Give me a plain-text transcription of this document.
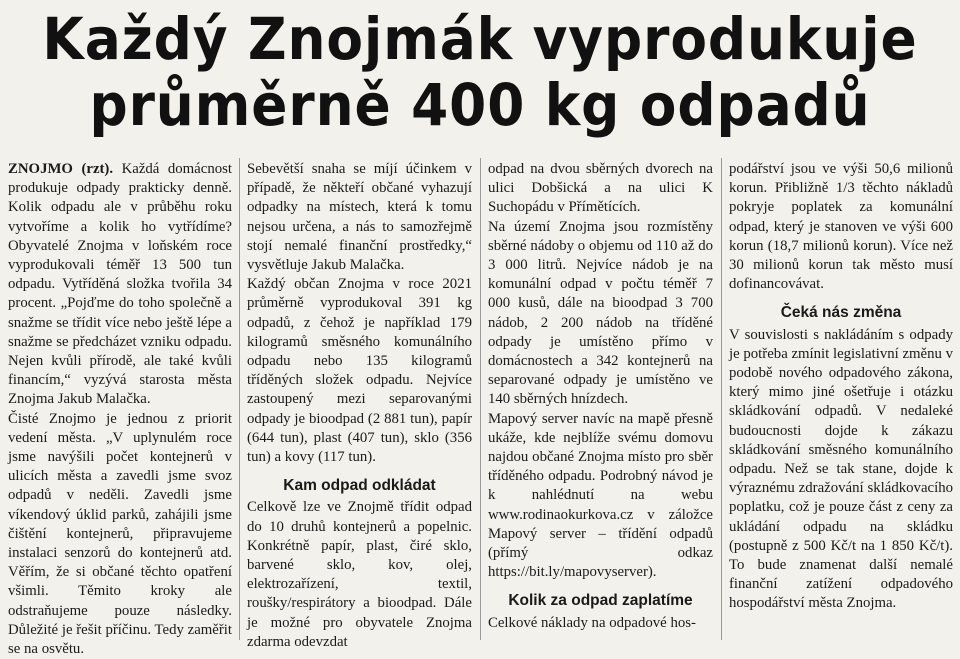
Každý Znojmák vyprodukuje
průměrně 400 kg odpadů

ZNOJMO (rzt). Každá domácnost produkuje odpady prakticky denně. Kolik odpadu ale v průběhu roku vytvoříme a kolik ho vytřídíme? Obyvatelé Znojma v loňském roce vyprodukovali téměř 13 500 tun odpadu. Vytříděná složka tvořila 34 procent. „Pojďme do toho společně a snažme se třídit více nebo ještě lépe a snažme se předcházet vzniku odpadu. Nejen kvůli přírodě, ale také kvůli financím,“ vyzývá starosta města Znojma Jakub Malačka.

Čisté Znojmo je jednou z priorit vedení města. „V uplynulém roce jsme navýšili počet kontejnerů v ulicích města a zavedli jsme svoz odpadů v neděli. Zavedli jsme víkendový úklid parků, zahájili jsme čištění kontejnerů, připravujeme instalaci senzorů do kontejnerů atd. Věřím, že si občané těchto opatření všimli. Těmito kroky ale odstraňujeme pouze následky. Důležité je řešit příčinu. Tedy zaměřit se na osvětu.

Sebevětší snaha se míjí účinkem v případě, že někteří občané vyhazují odpadky na místech, která k tomu nejsou určena, a nás to samozřejmě stojí nemalé finanční prostředky,“ vysvětluje Jakub Malačka.

Každý občan Znojma v roce 2021 průměrně vyprodukoval 391 kg odpadů, z čehož je například 179 kilogramů směsného komunálního odpadu nebo 135 kilogramů tříděných složek odpadu. Nejvíce zastoupený mezi separovanými odpady je bioodpad (2 881 tun), papír (644 tun), plast (407 tun), sklo (356 tun) a kovy (117 tun).

Kam odpad odkládat

Celkově lze ve Znojmě třídit odpad do 10 druhů kontejnerů a popelnic. Konkrétně papír, plast, čiré sklo, barvené sklo, kov, olej, elektrozařízení, textil, roušky/respirátory a bioodpad. Dále je možné pro obyvatele Znojma zdarma odevzdat

odpad na dvou sběrných dvorech na ulici Dobšická a na ulici K Suchopádu v Přímětících.

Na území Znojma jsou rozmístěny sběrné nádoby o objemu od 110 až do 3 000 litrů. Nejvíce nádob je na komunální odpad v počtu téměř 7 000 kusů, dále na bioodpad 3 700 nádob, 2 200 nádob na tříděné odpady je umístěno přímo v domácnostech a 342 kontejnerů na separované odpady je umístěno ve 140 sběrných hnízdech.

Mapový server navíc na mapě přesně ukáže, kde nejblíže svému domovu najdou občané Znojma místo pro sběr tříděného odpadu. Podrobný návod je k nahlédnutí na webu www.rodinaokurkova.cz v záložce Mapový server – třídění odpadů (přímý odkaz https://bit.ly/mapovyserver).

Kolik za odpad zaplatíme

Celkové náklady na odpadové hos-

podářství jsou ve výši 50,6 milionů korun. Přibližně 1/3 těchto nákladů pokryje poplatek za komunální odpad, který je stanoven ve výši 600 korun (18,7 milionů korun). Více než 30 milionů korun tak město musí dofinancovávat.

Čeká nás změna

V souvislosti s nakládáním s odpady je potřeba zmínit legislativní změnu v podobě nového odpadového zákona, který mimo jiné ošetřuje i otázku skládkování odpadů. V nedaleké budoucnosti dojde k zákazu skládkování směsného komunálního odpadu. Než se tak stane, dojde k výraznému zdražování skládkovacího poplatku, což je pouze část z ceny za ukládání odpadu na skládku (postupně z 500 Kč/t na 1 850 Kč/t). To bude znamenat další nemalé finanční zatížení odpadového hospodářství města Znojma.
